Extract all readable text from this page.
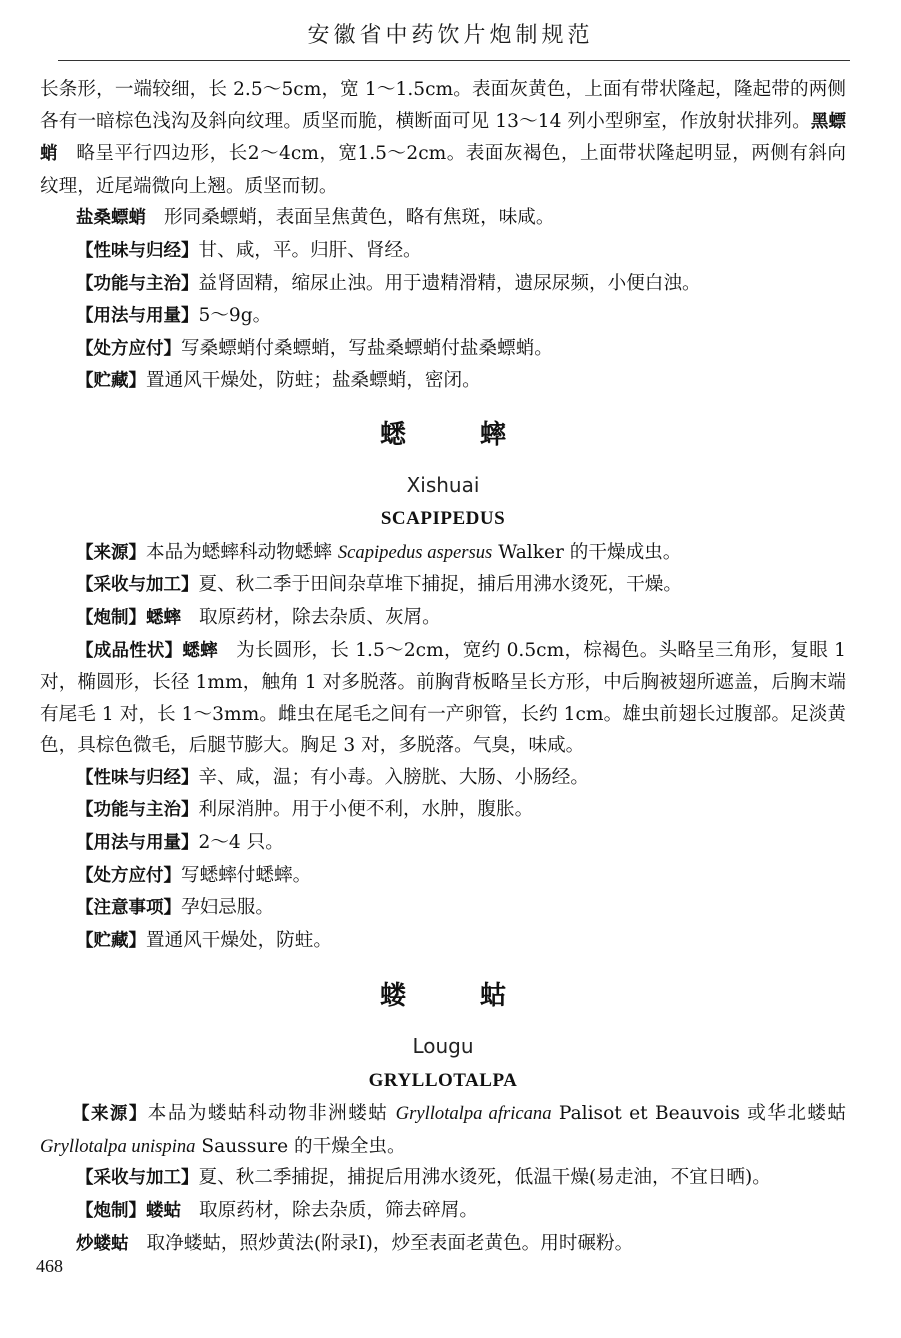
安徽省中药饮片炮制规范

长条形，一端较细，长 2.5～5cm，宽 1～1.5cm。表面灰黄色，上面有带状隆起，隆起带的两侧各有一暗棕色浅沟及斜向纹理。质坚而脆，横断面可见 13～14 列小型卵室，作放射状排列。黑螵蛸 略呈平行四边形，长2～4cm，宽1.5～2cm。表面灰褐色，上面带状隆起明显，两侧有斜向纹理，近尾端微向上翘。质坚而韧。

盐桑螵蛸 形同桑螵蛸，表面呈焦黄色，略有焦斑，味咸。

【性味与归经】甘、咸，平。归肝、肾经。

【功能与主治】益肾固精，缩尿止浊。用于遗精滑精，遗尿尿频，小便白浊。

【用法与用量】5～9g。

【处方应付】写桑螵蛸付桑螵蛸，写盐桑螵蛸付盐桑螵蛸。

【贮藏】置通风干燥处，防蛀；盐桑螵蛸，密闭。

蟋	蟀
Xishuai
SCAPIPEDUS

【来源】本品为蟋蟀科动物蟋蟀 Scapipedus aspersus Walker 的干燥成虫。

【采收与加工】夏、秋二季于田间杂草堆下捕捉，捕后用沸水烫死，干燥。

【炮制】蟋蟀 取原药材，除去杂质、灰屑。

【成品性状】蟋蟀 为长圆形，长 1.5～2cm，宽约 0.5cm，棕褐色。头略呈三角形，复眼 1 对，椭圆形，长径 1mm，触角 1 对多脱落。前胸背板略呈长方形，中后胸被翅所遮盖，后胸末端有尾毛 1 对，长 1～3mm。雌虫在尾毛之间有一产卵管，长约 1cm。雄虫前翅长过腹部。足淡黄色，具棕色微毛，后腿节膨大。胸足 3 对，多脱落。气臭，味咸。

【性味与归经】辛、咸，温；有小毒。入膀胱、大肠、小肠经。

【功能与主治】利尿消肿。用于小便不利，水肿，腹胀。

【用法与用量】2～4 只。

【处方应付】写蟋蟀付蟋蟀。

【注意事项】孕妇忌服。

【贮藏】置通风干燥处，防蛀。

蝼	蛄
Lougu
GRYLLOTALPA

【来源】本品为蝼蛄科动物非洲蝼蛄 Gryllotalpa africana Palisot et Beauvois 或华北蝼蛄 Gryllotalpa unispina Saussure 的干燥全虫。

【采收与加工】夏、秋二季捕捉，捕捉后用沸水烫死，低温干燥(易走油，不宜日晒)。

【炮制】蝼蛄 取原药材，除去杂质，筛去碎屑。

炒蝼蛄 取净蝼蛄，照炒黄法(附录Ⅰ)，炒至表面老黄色。用时碾粉。

468
